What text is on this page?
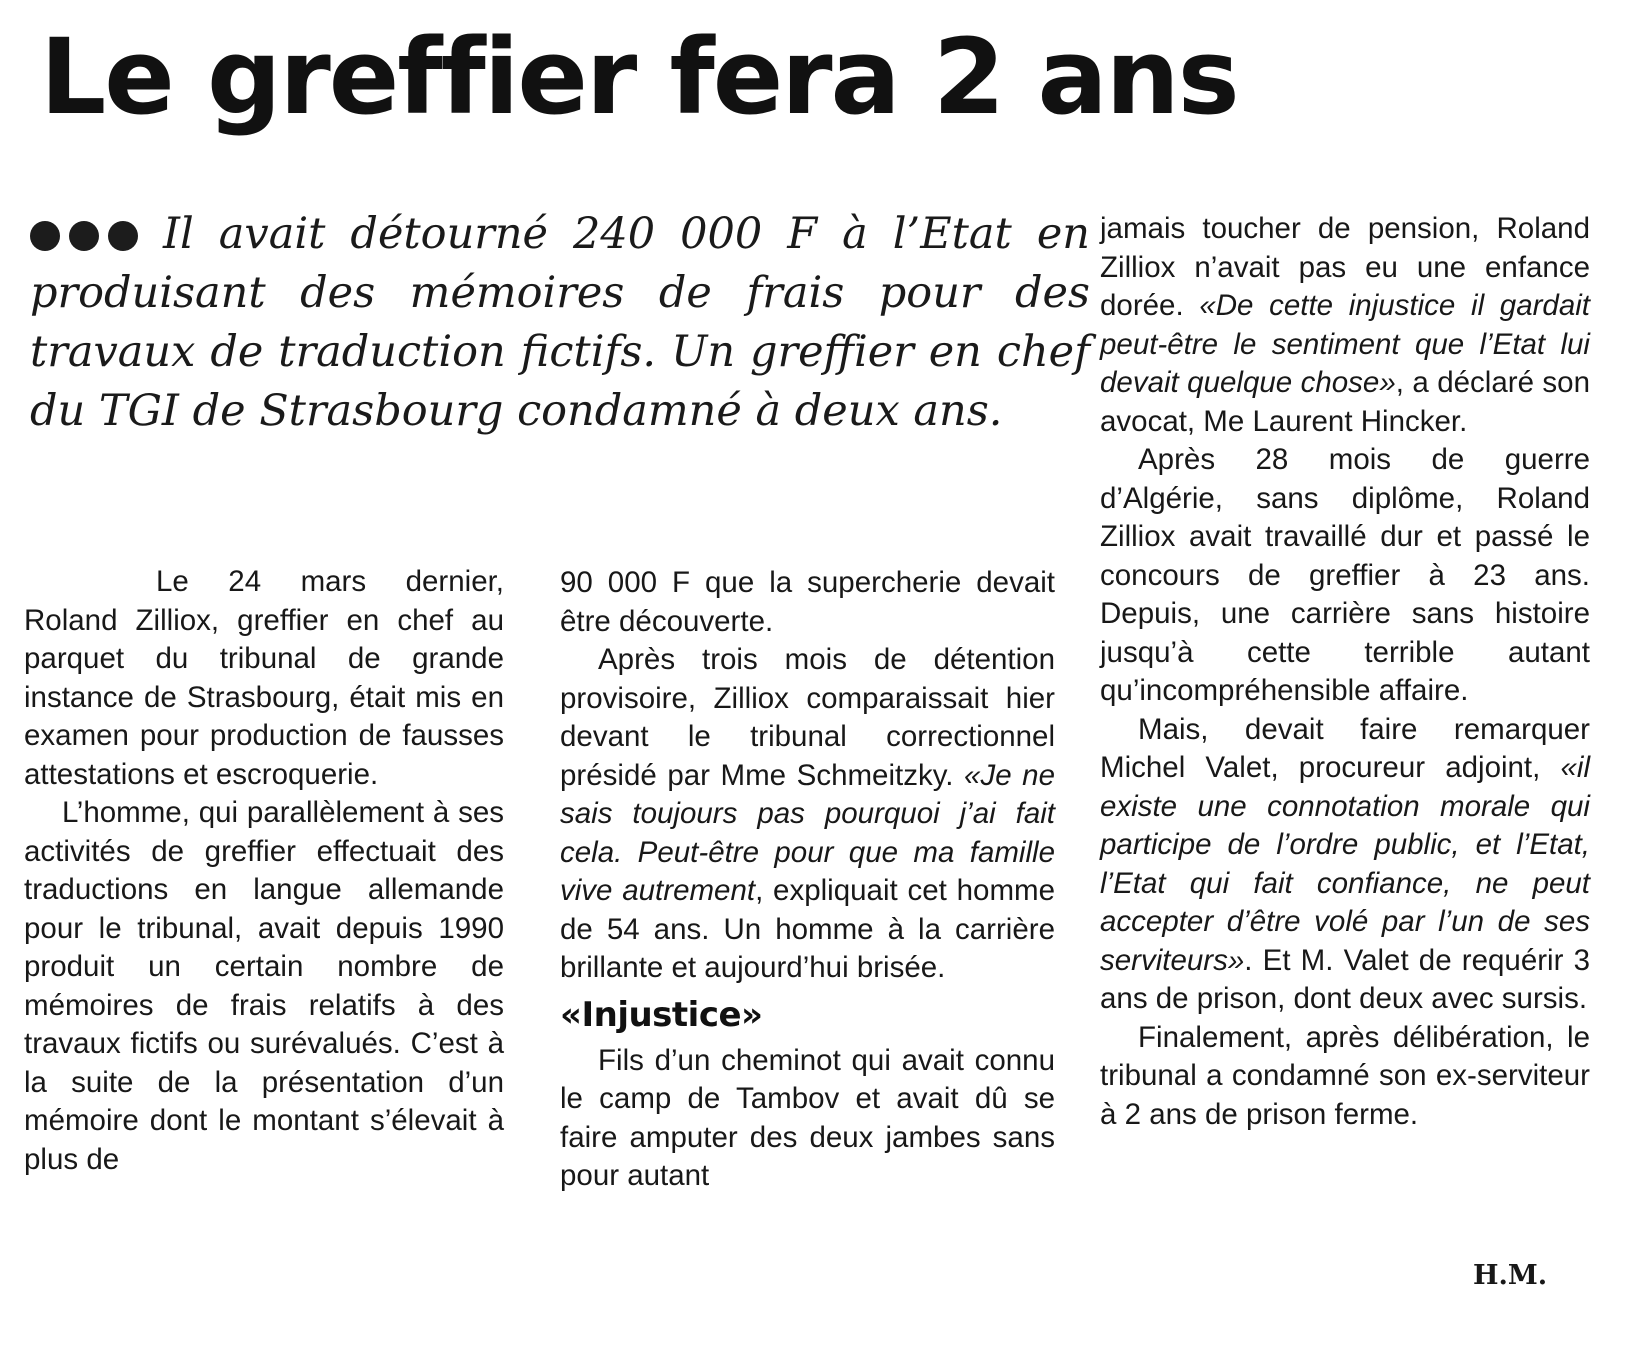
Le greffier fera 2 ans

Il avait détourné 240 000 F à l’Etat en produisant des mémoires de frais pour des travaux de traduction fictifs. Un greffier en chef du TGI de Strasbourg condamné à deux ans.

Le 24 mars dernier, Roland Zilliox, greffier en chef au parquet du tribunal de grande instance de Strasbourg, était mis en examen pour production de fausses attestations et escroquerie.

L’homme, qui parallèlement à ses activités de greffier effectuait des traductions en langue allemande pour le tribunal, avait depuis 1990 produit un certain nombre de mémoires de frais relatifs à des travaux fictifs ou surévalués. C’est à la suite de la présentation d’un mémoire dont le montant s’élevait à plus de

90 000 F que la supercherie devait être découverte.

Après trois mois de détention provisoire, Zilliox comparaissait hier devant le tribunal correctionnel présidé par Mme Schmeitzky. «Je ne sais toujours pas pourquoi j’ai fait cela. Peut-être pour que ma famille vive autrement, expliquait cet homme de 54 ans. Un homme à la carrière brillante et aujourd’hui brisée.

«Injustice»

Fils d’un cheminot qui avait connu le camp de Tambov et avait dû se faire amputer des deux jambes sans pour autant

jamais toucher de pension, Roland Zilliox n’avait pas eu une enfance dorée. «De cette injustice il gardait peut-être le sentiment que l’Etat lui devait quelque chose», a déclaré son avocat, Me Laurent Hincker.

Après 28 mois de guerre d’Algérie, sans diplôme, Roland Zilliox avait travaillé dur et passé le concours de greffier à 23 ans. Depuis, une carrière sans histoire jusqu’à cette terrible autant qu’incompréhensible affaire.

Mais, devait faire remarquer Michel Valet, procureur adjoint, «il existe une connotation morale qui participe de l’ordre public, et l’Etat, l’Etat qui fait confiance, ne peut accepter d’être volé par l’un de ses serviteurs». Et M. Valet de requérir 3 ans de prison, dont deux avec sursis.

Finalement, après délibération, le tribunal a condamné son ex-serviteur à 2 ans de prison ferme.

H.M.
